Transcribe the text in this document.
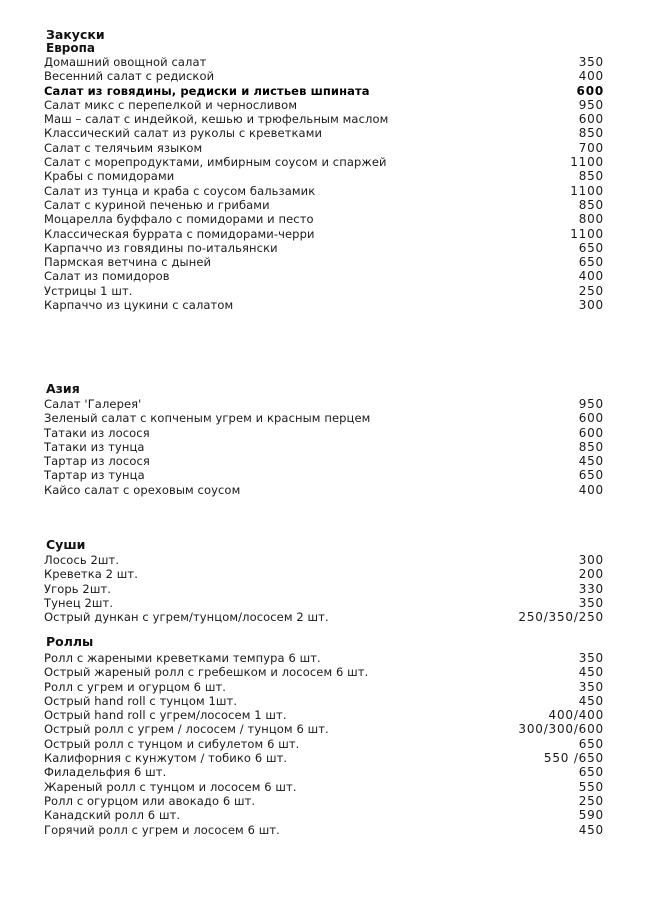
Закуски
Европа
Домашний овощной салат	350
Весенний салат с редиской	400
Салат из говядины, редиски и листьев шпината	600
Салат микс с перепелкой и черносливом	950
Маш – салат с индейкой, кешью и трюфельным маслом	600
Классический салат из руколы с креветками	850
Салат с телячьим языком	700
Салат с морепродуктами, имбирным соусом и спаржей	1100
Крабы с помидорами	850
Салат из тунца и краба с соусом бальзамик	1100
Салат с куриной печенью и грибами	850
Моцарелла буффало с помидорами и песто	800
Классическая буррата с помидорами-черри	1100
Карпаччо из говядины по-итальянски	650
Пармская ветчина с дыней	650
Салат из помидоров	400
Устрицы 1 шт.	250
Карпаччо из цукини с салатом	300
Азия
Салат 'Галерея'	950
Зеленый салат с копченым угрем и красным перцем	600
Татаки из лосося	600
Татаки из тунца	850
Тартар из лосося	450
Тартар из тунца	650
Кайсо салат с ореховым соусом	400
Суши
Лосось 2шт.	300
Креветка 2 шт.	200
Угорь 2шт.	330
Тунец 2шт.	350
Острый дункан с угрем/тунцом/лососем 2 шт.	250/350/250
Роллы
Ролл с жареными креветками темпура 6 шт.	350
Острый жареный ролл с гребешком и лососем 6 шт.	450
Ролл с угрем и огурцом 6 шт.	350
Острый hand roll с тунцом 1шт.	450
Острый hand roll с угрем/лососем 1 шт.	400/400
Острый ролл с угрем / лососем / тунцом 6 шт.	300/300/600
Острый ролл с тунцом и сибулетом 6 шт.	650
Калифорния с кунжутом / тобико 6 шт.	550 /650
Филадельфия 6 шт.	650
Жареный ролл с тунцом и лососем 6 шт.	550
Ролл с огурцом или авокадо 6 шт.	250
Канадский ролл 6 шт.	590
Горячий ролл с угрем и лососем 6 шт.	450
